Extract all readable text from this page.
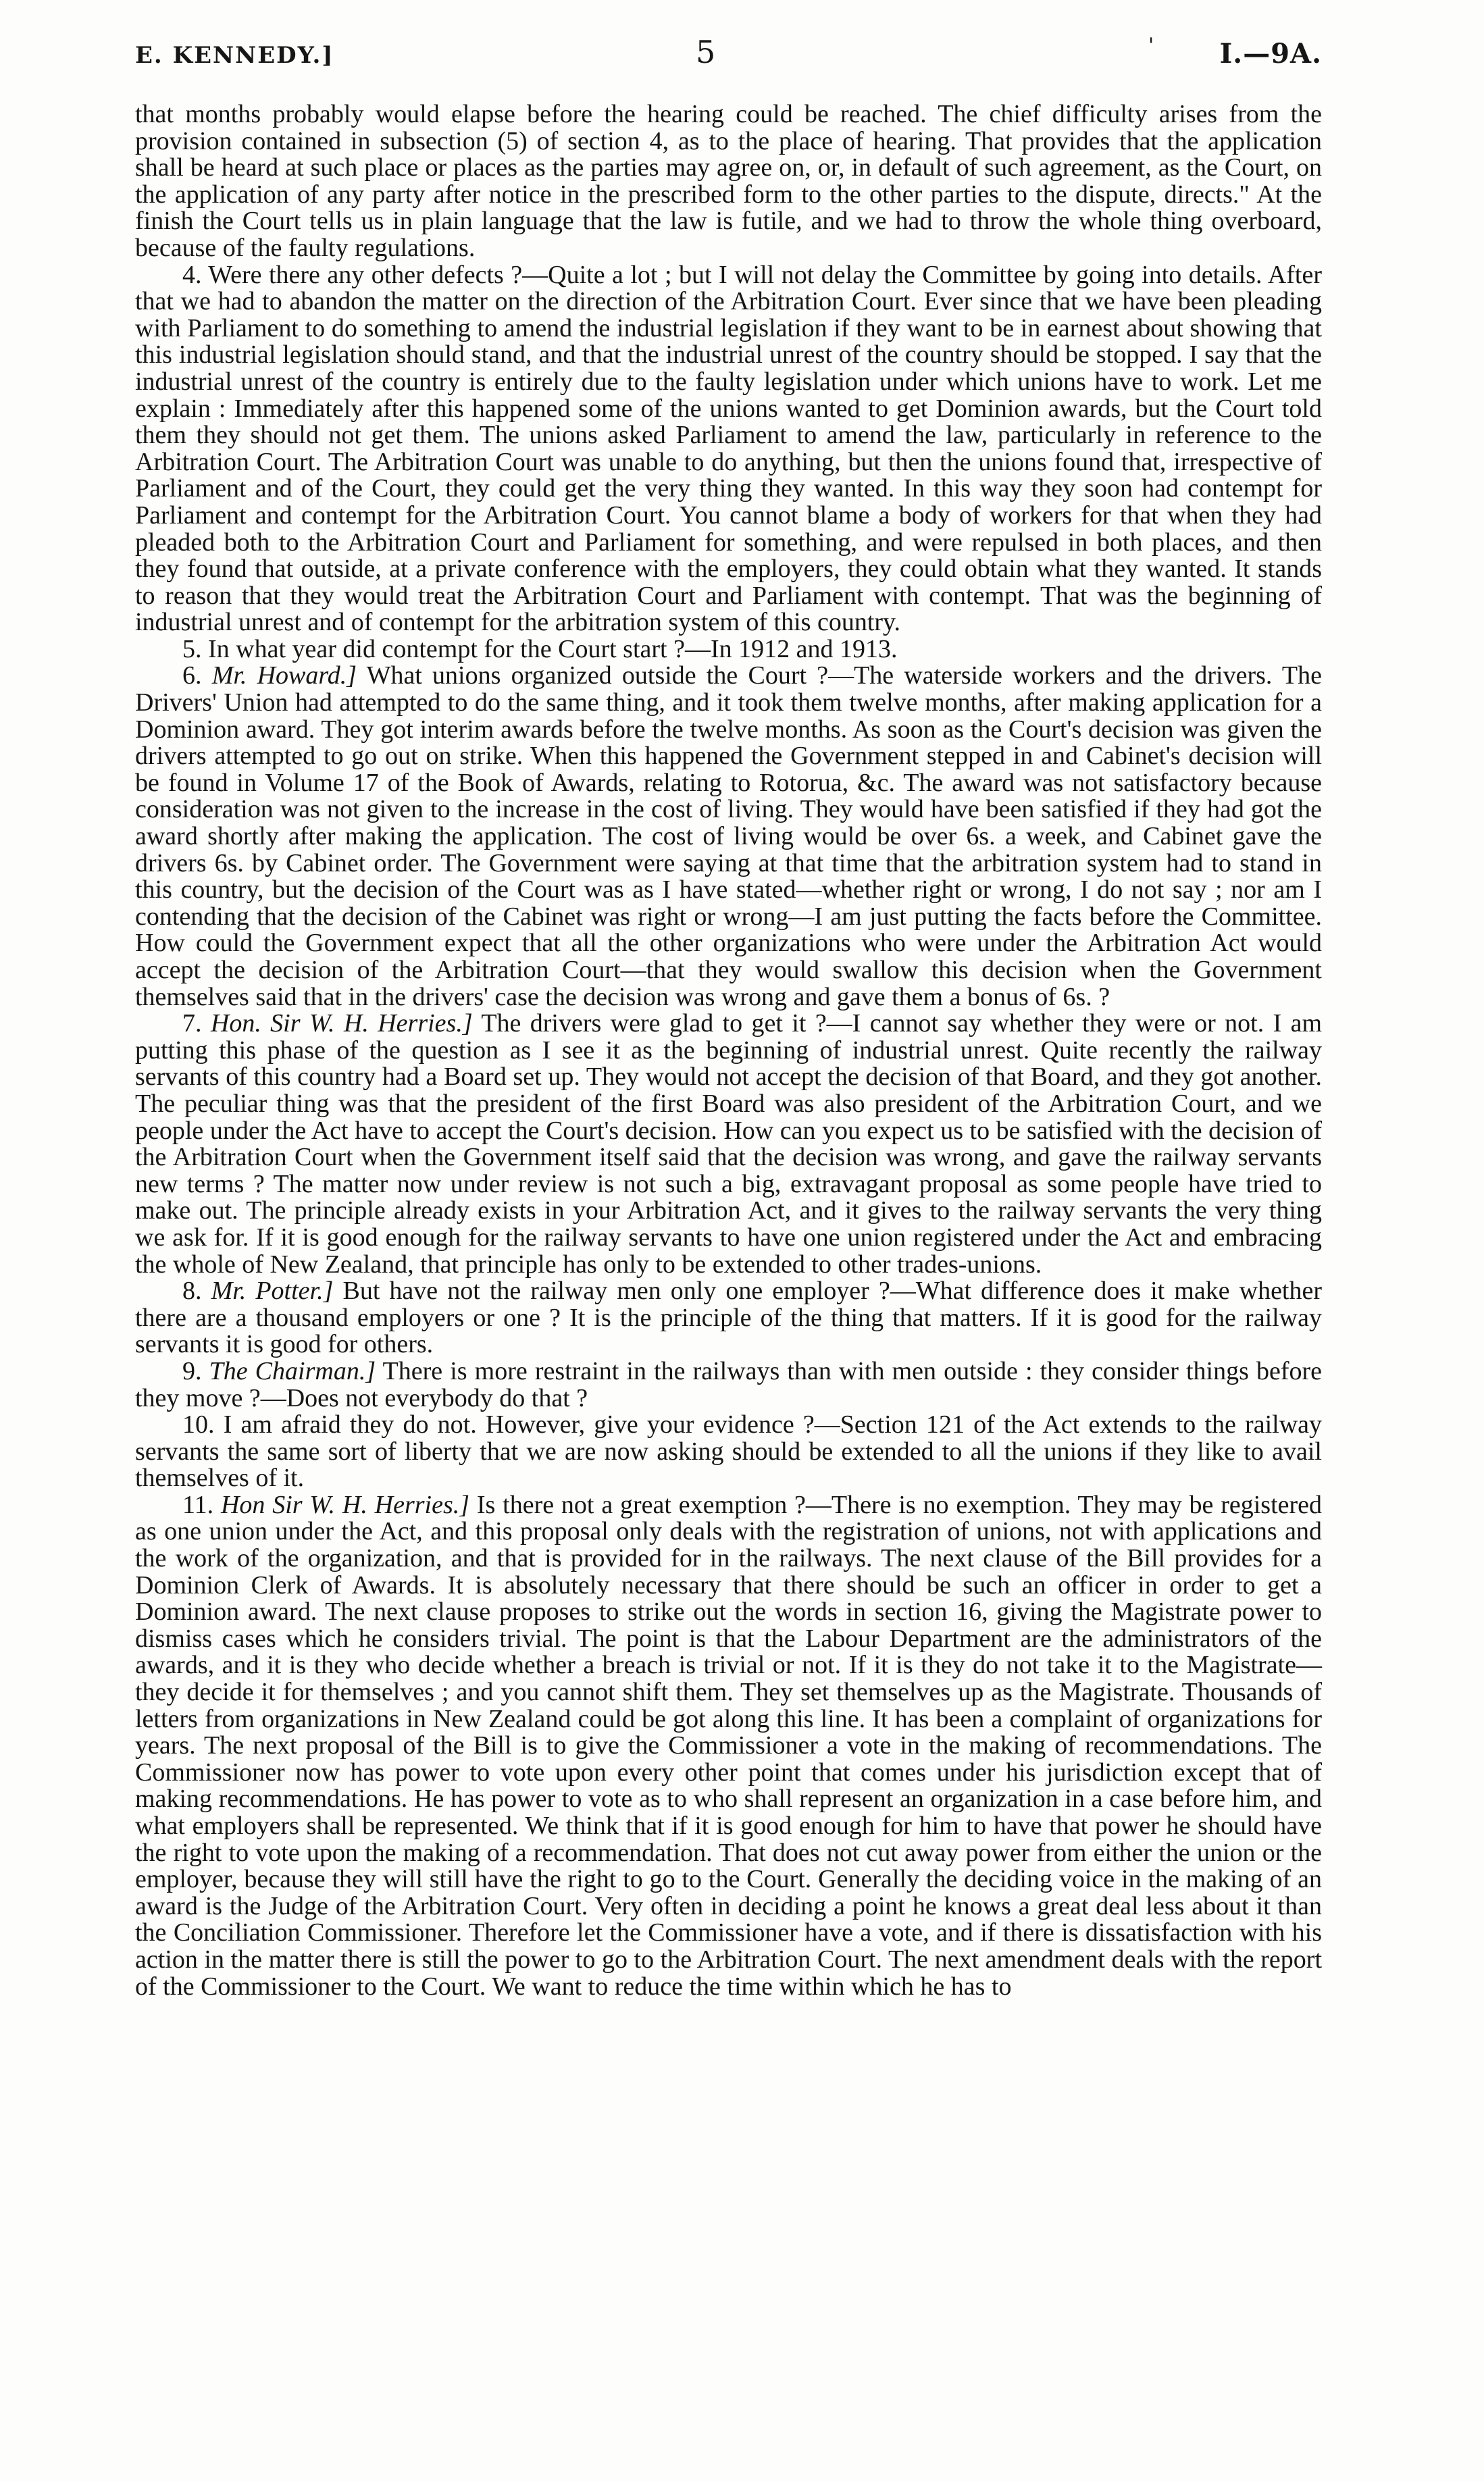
E. KENNEDY.]	5	' I.—9A.

that months probably would elapse before the hearing could be reached. The chief difficulty arises from the provision contained in subsection (5) of section 4, as to the place of hearing. That provides that the application shall be heard at such place or places as the parties may agree on, or, in default of such agreement, as the Court, on the application of any party after notice in the prescribed form to the other parties to the dispute, directs." At the finish the Court tells us in plain language that the law is futile, and we had to throw the whole thing overboard, because of the faulty regulations.

4. Were there any other defects ?—Quite a lot ; but I will not delay the Committee by going into details. After that we had to abandon the matter on the direction of the Arbitration Court. Ever since that we have been pleading with Parliament to do something to amend the industrial legislation if they want to be in earnest about showing that this industrial legislation should stand, and that the industrial unrest of the country should be stopped. I say that the industrial unrest of the country is entirely due to the faulty legislation under which unions have to work. Let me explain : Immediately after this happened some of the unions wanted to get Dominion awards, but the Court told them they should not get them. The unions asked Parliament to amend the law, particularly in reference to the Arbitration Court. The Arbitration Court was unable to do anything, but then the unions found that, irrespective of Parliament and of the Court, they could get the very thing they wanted. In this way they soon had contempt for Parliament and contempt for the Arbitration Court. You cannot blame a body of workers for that when they had pleaded both to the Arbitration Court and Parliament for something, and were repulsed in both places, and then they found that outside, at a private conference with the employers, they could obtain what they wanted. It stands to reason that they would treat the Arbitration Court and Parliament with contempt. That was the beginning of industrial unrest and of contempt for the arbitration system of this country.

5. In what year did contempt for the Court start ?—In 1912 and 1913.

6. Mr. Howard.] What unions organized outside the Court ?—The waterside workers and the drivers. The Drivers' Union had attempted to do the same thing, and it took them twelve months, after making application for a Dominion award. They got interim awards before the twelve months. As soon as the Court's decision was given the drivers attempted to go out on strike. When this happened the Government stepped in and Cabinet's decision will be found in Volume 17 of the Book of Awards, relating to Rotorua, &c. The award was not satisfactory because consideration was not given to the increase in the cost of living. They would have been satisfied if they had got the award shortly after making the application. The cost of living would be over 6s. a week, and Cabinet gave the drivers 6s. by Cabinet order. The Government were saying at that time that the arbitration system had to stand in this country, but the decision of the Court was as I have stated—whether right or wrong, I do not say ; nor am I contending that the decision of the Cabinet was right or wrong—I am just putting the facts before the Committee. How could the Government expect that all the other organizations who were under the Arbitration Act would accept the decision of the Arbitration Court—that they would swallow this decision when the Government themselves said that in the drivers' case the decision was wrong and gave them a bonus of 6s. ?

7. Hon. Sir W. H. Herries.] The drivers were glad to get it ?—I cannot say whether they were or not. I am putting this phase of the question as I see it as the beginning of industrial unrest. Quite recently the railway servants of this country had a Board set up. They would not accept the decision of that Board, and they got another. The peculiar thing was that the president of the first Board was also president of the Arbitration Court, and we people under the Act have to accept the Court's decision. How can you expect us to be satisfied with the decision of the Arbitration Court when the Government itself said that the decision was wrong, and gave the railway servants new terms ? The matter now under review is not such a big, extravagant proposal as some people have tried to make out. The principle already exists in your Arbitration Act, and it gives to the railway servants the very thing we ask for. If it is good enough for the railway servants to have one union registered under the Act and embracing the whole of New Zealand, that principle has only to be extended to other trades-unions.

8. Mr. Potter.] But have not the railway men only one employer ?—What difference does it make whether there are a thousand employers or one ? It is the principle of the thing that matters. If it is good for the railway servants it is good for others.

9. The Chairman.] There is more restraint in the railways than with men outside : they consider things before they move ?—Does not everybody do that ?

10. I am afraid they do not. However, give your evidence ?—Section 121 of the Act extends to the railway servants the same sort of liberty that we are now asking should be extended to all the unions if they like to avail themselves of it.

11. Hon Sir W. H. Herries.] Is there not a great exemption ?—There is no exemption. They may be registered as one union under the Act, and this proposal only deals with the registration of unions, not with applications and the work of the organization, and that is provided for in the railways. The next clause of the Bill provides for a Dominion Clerk of Awards. It is absolutely necessary that there should be such an officer in order to get a Dominion award. The next clause proposes to strike out the words in section 16, giving the Magistrate power to dismiss cases which he considers trivial. The point is that the Labour Department are the administrators of the awards, and it is they who decide whether a breach is trivial or not. If it is they do not take it to the Magistrate—they decide it for themselves ; and you cannot shift them. They set themselves up as the Magistrate. Thousands of letters from organizations in New Zealand could be got along this line. It has been a complaint of organizations for years. The next proposal of the Bill is to give the Commissioner a vote in the making of recommendations. The Commissioner now has power to vote upon every other point that comes under his jurisdiction except that of making recommendations. He has power to vote as to who shall represent an organization in a case before him, and what employers shall be represented. We think that if it is good enough for him to have that power he should have the right to vote upon the making of a recommendation. That does not cut away power from either the union or the employer, because they will still have the right to go to the Court. Generally the deciding voice in the making of an award is the Judge of the Arbitration Court. Very often in deciding a point he knows a great deal less about it than the Conciliation Commissioner. Therefore let the Commissioner have a vote, and if there is dissatisfaction with his action in the matter there is still the power to go to the Arbitration Court. The next amendment deals with the report of the Commissioner to the Court. We want to reduce the time within which he has to
